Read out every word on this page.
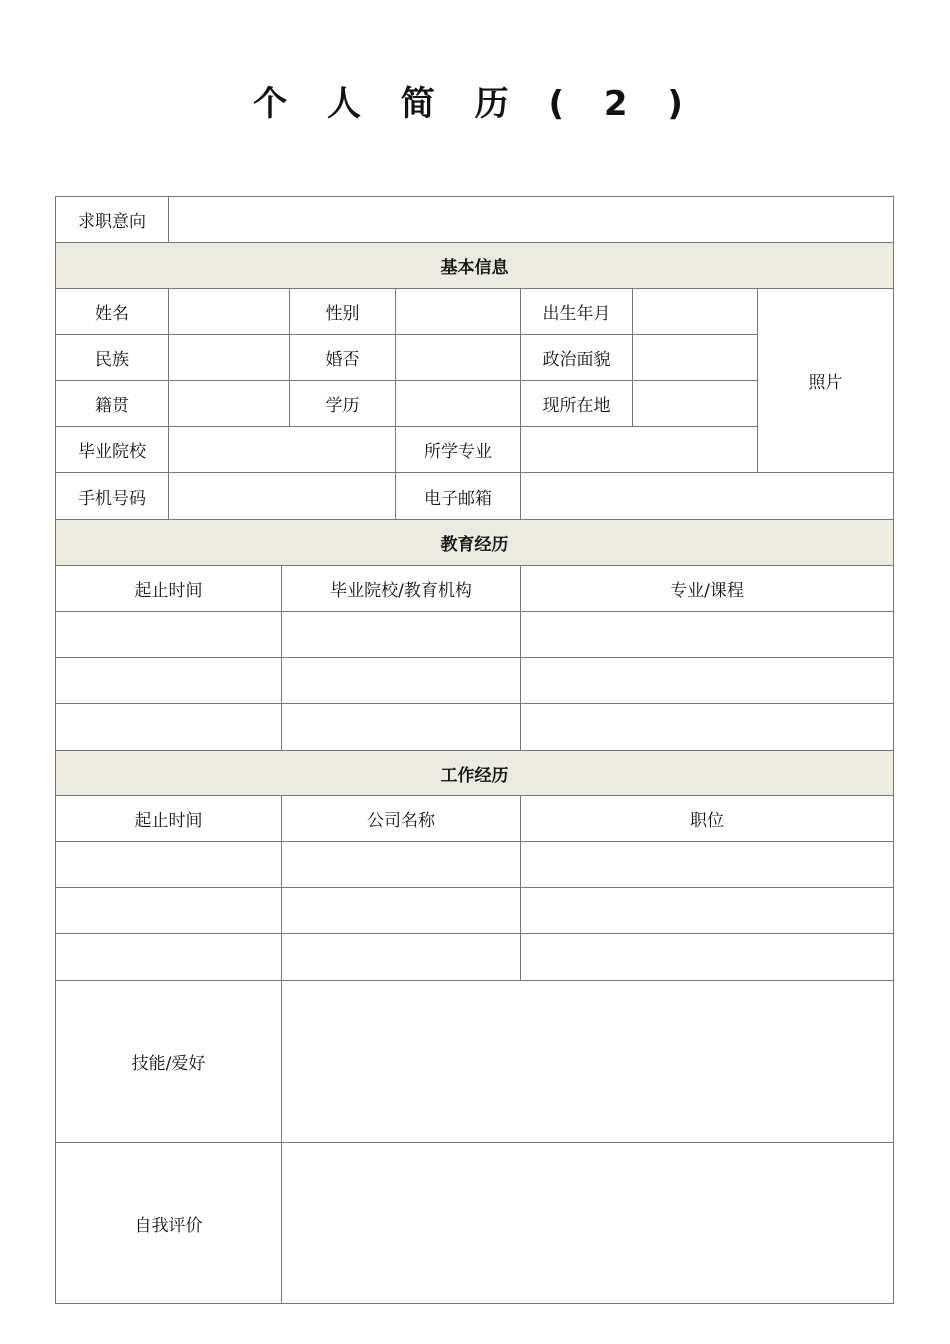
个 人 简 历 ( 2 )
求职意向
基本信息
姓名	性别	出生年月
照片
民族	婚否	政治面貌
籍贯	学历	现所在地
毕业院校	所学专业
手机号码	电子邮箱
教育经历
起止时间	毕业院校/教育机构	专业/课程
工作经历
起止时间	公司名称	职位
技能/爱好
自我评价
